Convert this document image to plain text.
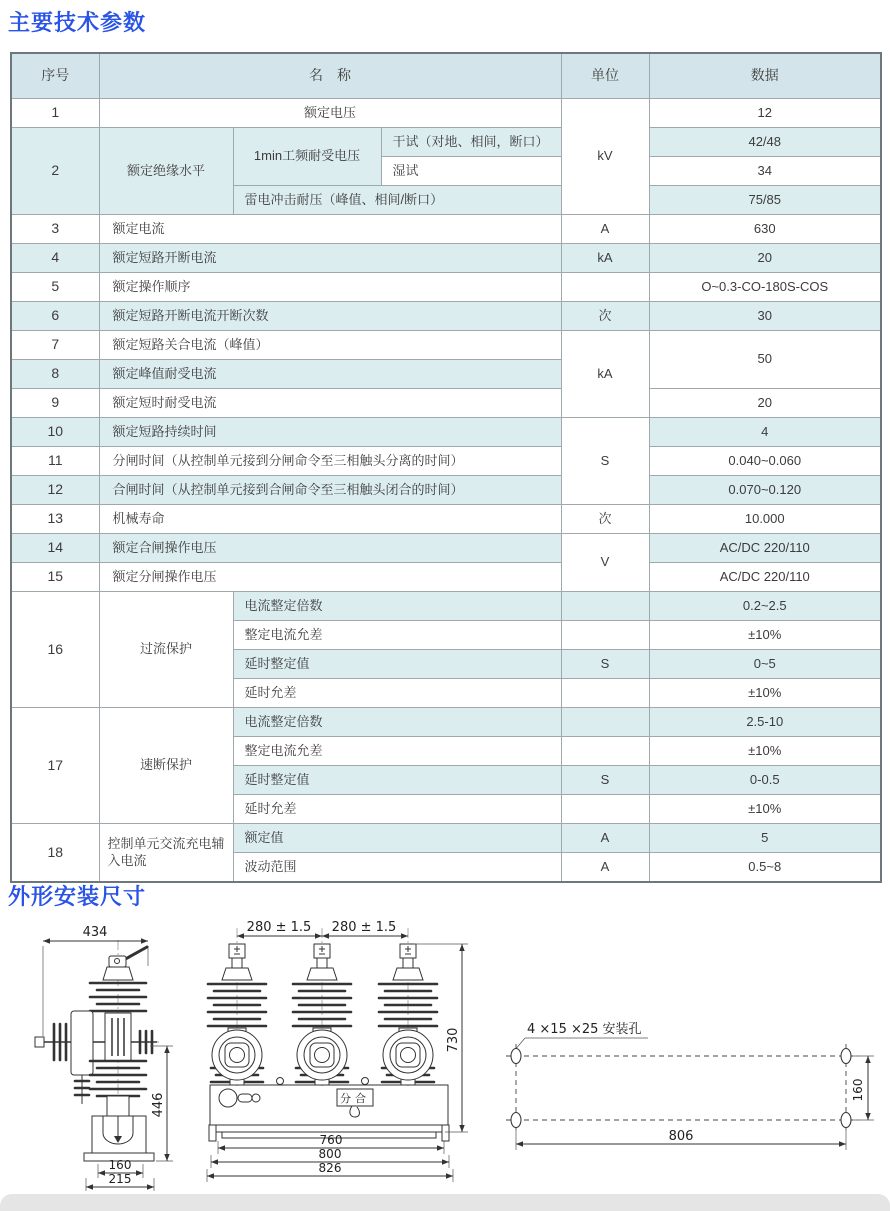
主要技术参数
序号	名　称			单位	数据
1	额定电压			kV	12
2	额定绝缘水平	1min工频耐受电压	干试（对地、相间，断口）		42/48
			湿试		34
		雷电冲击耐压（峰值、相间/断口）			75/85
3	额定电流			A	630
4	额定短路开断电流			kA	20
5	额定操作顺序				O~0.3-CO-180S-COS
6	额定短路开断电流开断次数			次	30
7	额定短路关合电流（峰值）			kA	50
8	额定峰值耐受电流				
9	额定短时耐受电流				20
10	额定短路持续时间			S	4
11	分闸时间（从控制单元接到分闸命令至三相触头分离的时间）				0.040~0.060
12	合闸时间（从控制单元接到合闸命令至三相触头闭合的时间）				0.070~0.120
13	机械寿命			次	10.000
14	额定合闸操作电压			V	AC/DC 220/110
15	额定分闸操作电压				AC/DC 220/110
16	过流保护	电流整定倍数			0.2~2.5
		整定电流允差			±10%
		延时整定值		S	0~5
		延时允差			±10%
17	速断保护	电流整定倍数			2.5-10
		整定电流允差			±10%
		延时整定值		S	0-0.5
		延时允差			±10%
18	控制单元交流充电辅入电流	额定值		A	5
		波动范围		A	0.5~8
外形安装尺寸
434
446
160
215
分合
280 ± 1.5 280 ± 1.5
730
760
800
826
4 ×15 ×25 安装孔
160
806
